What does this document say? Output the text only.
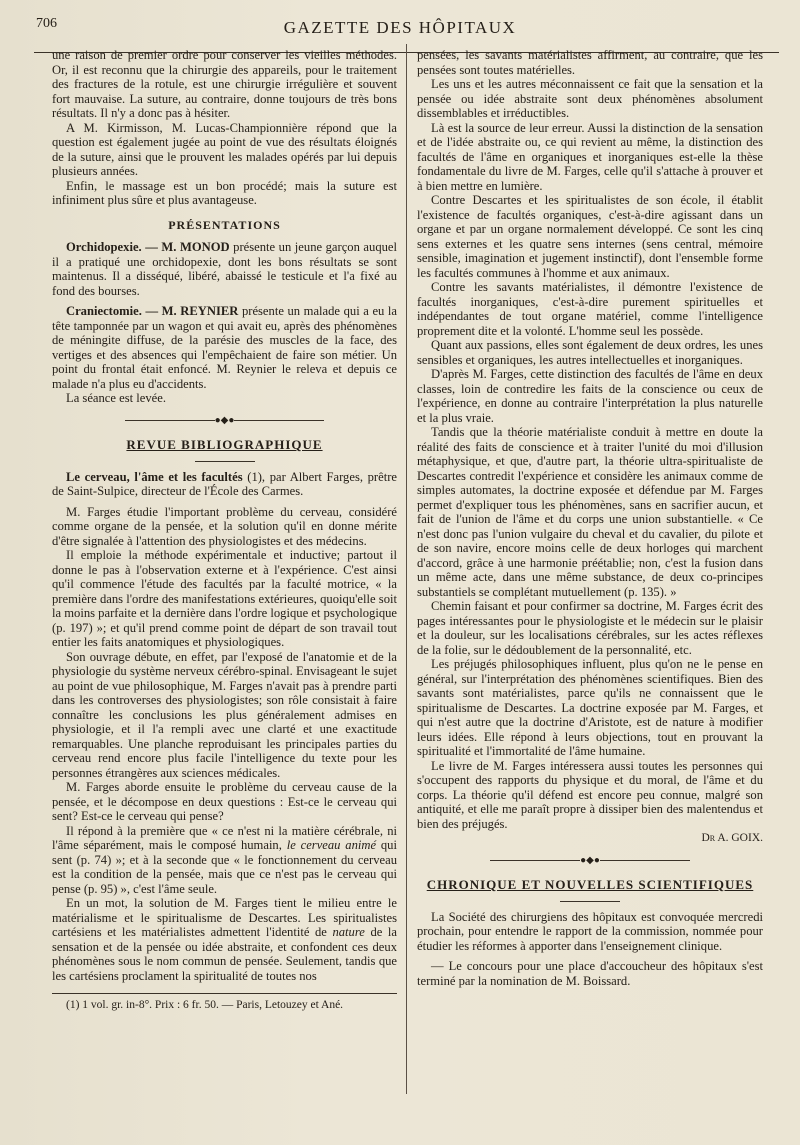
706	GAZETTE DES HÔPITAUX

une raison de premier ordre pour conserver les vieilles méthodes. Or, il est reconnu que la chirurgie des appareils, pour le traitement des fractures de la rotule, est une chirurgie irrégulière et souvent fort mauvaise. La suture, au contraire, donne toujours de très bons résultats. Il n'y a donc pas à hésiter.

A M. Kirmisson, M. Lucas-Championnière répond que la question est également jugée au point de vue des résultats éloignés de la suture, ainsi que le prouvent les malades opérés par lui depuis plusieurs années.

Enfin, le massage est un bon procédé; mais la suture est infiniment plus sûre et plus avantageuse.

PRÉSENTATIONS

Orchidopexie. — M. MONOD présente un jeune garçon auquel il a pratiqué une orchidopexie, dont les bons résultats se sont maintenus. Il a disséqué, libéré, abaissé le testicule et l'a fixé au fond des bourses.

Craniectomie. — M. REYNIER présente un malade qui a eu la tête tamponnée par un wagon et qui avait eu, après des phénomènes de méningite diffuse, de la parésie des muscles de la face, des vertiges et des absences qui l'empêchaient de faire son métier. Un point du frontal était enfoncé. M. Reynier le releva et depuis ce malade n'a plus eu d'accidents.

La séance est levée.

●◆●
REVUE BIBLIOGRAPHIQUE

Le cerveau, l'âme et les facultés (1), par Albert Farges, prêtre de Saint-Sulpice, directeur de l'École des Carmes.

M. Farges étudie l'important problème du cerveau, considéré comme organe de la pensée, et la solution qu'il en donne mérite d'être signalée à l'attention des physiologistes et des médecins.

Il emploie la méthode expérimentale et inductive; partout il donne le pas à l'observation externe et à l'expérience. C'est ainsi qu'il commence l'étude des facultés par la faculté motrice, « la première dans l'ordre des manifestations extérieures, quoiqu'elle soit la moins parfaite et la dernière dans l'ordre logique et psychologique (p. 197) »; et qu'il prend comme point de départ de son travail tout entier les faits anatomiques et physiologiques.

Son ouvrage débute, en effet, par l'exposé de l'anatomie et de la physiologie du système nerveux cérébro-spinal. Envisageant le sujet au point de vue philosophique, M. Farges n'avait pas à prendre parti dans les controverses des physiologistes; son rôle consistait à faire connaître les conclusions les plus généralement admises en physiologie, et il l'a rempli avec une clarté et une exactitude remarquables. Une planche reproduisant les principales parties du cerveau rend encore plus facile l'intelligence du texte pour les personnes étrangères aux sciences médicales.

M. Farges aborde ensuite le problème du cerveau cause de la pensée, et le décompose en deux questions : Est-ce le cerveau qui sent? Est-ce le cerveau qui pense?

Il répond à la première que « ce n'est ni la matière cérébrale, ni l'âme séparément, mais le composé humain, le cerveau animé qui sent (p. 74) »; et à la seconde que « le fonctionnement du cerveau est la condition de la pensée, mais que ce n'est pas le cerveau qui pense (p. 95) », c'est l'âme seule.

En un mot, la solution de M. Farges tient le milieu entre le matérialisme et le spiritualisme de Descartes. Les spiritualistes cartésiens et les matérialistes admettent l'identité de nature de la sensation et de la pensée ou idée abstraite, et confondent ces deux phénomènes sous le nom commun de pensée. Seulement, tandis que les cartésiens proclament la spiritualité de toutes nos

(1) 1 vol. gr. in-8°. Prix : 6 fr. 50. — Paris, Letouzey et Ané.

pensées, les savants matérialistes affirment, au contraire, que les pensées sont toutes matérielles.

Les uns et les autres méconnaissent ce fait que la sensation et la pensée ou idée abstraite sont deux phénomènes absolument dissemblables et irréductibles.

Là est la source de leur erreur. Aussi la distinction de la sensation et de l'idée abstraite ou, ce qui revient au même, la distinction des facultés de l'âme en organiques et inorganiques est-elle la thèse fondamentale du livre de M. Farges, celle qu'il s'attache à prouver et à bien mettre en lumière.

Contre Descartes et les spiritualistes de son école, il établit l'existence de facultés organiques, c'est-à-dire agissant dans un organe et par un organe normalement développé. Ce sont les cinq sens externes et les quatre sens internes (sens central, mémoire sensible, imagination et jugement instinctif), dont l'ensemble forme les facultés communes à l'homme et aux animaux.

Contre les savants matérialistes, il démontre l'existence de facultés inorganiques, c'est-à-dire purement spirituelles et indépendantes de tout organe matériel, comme l'intelligence proprement dite et la volonté. L'homme seul les possède.

Quant aux passions, elles sont également de deux ordres, les unes sensibles et organiques, les autres intellectuelles et inorganiques.

D'après M. Farges, cette distinction des facultés de l'âme en deux classes, loin de contredire les faits de la conscience ou ceux de l'expérience, en donne au contraire l'interprétation la plus naturelle et la plus vraie.

Tandis que la théorie matérialiste conduit à mettre en doute la réalité des faits de conscience et à traiter l'unité du moi d'illusion métaphysique, et que, d'autre part, la théorie ultra-spiritualiste de Descartes contredit l'expérience et considère les animaux comme de simples automates, la doctrine exposée et défendue par M. Farges permet d'expliquer tous les phénomènes, sans en sacrifier aucun, et fait de l'union de l'âme et du corps une union substantielle. « Ce n'est donc pas l'union vulgaire du cheval et du cavalier, du pilote et de son navire, encore moins celle de deux horloges qui marchent d'accord, grâce à une harmonie préétablie; non, c'est la fusion dans un même acte, dans une même substance, de deux co-principes substantiels se complétant mutuellement (p. 135). »

Chemin faisant et pour confirmer sa doctrine, M. Farges écrit des pages intéressantes pour le physiologiste et le médecin sur le plaisir et la douleur, sur les localisations cérébrales, sur les actes réflexes de la folie, sur le dédoublement de la personnalité, etc.

Les préjugés philosophiques influent, plus qu'on ne le pense en général, sur l'interprétation des phénomènes scientifiques. Bien des savants sont matérialistes, parce qu'ils ne connaissent que le spiritualisme de Descartes. La doctrine exposée par M. Farges, et qui n'est autre que la doctrine d'Aristote, est de nature à modifier leurs idées. Elle répond à leurs objections, tout en prouvant la spiritualité et l'immortalité de l'âme humaine.

Le livre de M. Farges intéressera aussi toutes les personnes qui s'occupent des rapports du physique et du moral, de l'âme et du corps. La théorie qu'il défend est encore peu connue, malgré son antiquité, et elle me paraît propre à dissiper bien des malentendus et bien des préjugés.

Dr A. GOIX.
●◆●
CHRONIQUE ET NOUVELLES SCIENTIFIQUES

La Société des chirurgiens des hôpitaux est convoquée mercredi prochain, pour entendre le rapport de la commission, nommée pour étudier les réformes à apporter dans l'enseignement clinique.

— Le concours pour une place d'accoucheur des hôpitaux s'est terminé par la nomination de M. Boissard.
